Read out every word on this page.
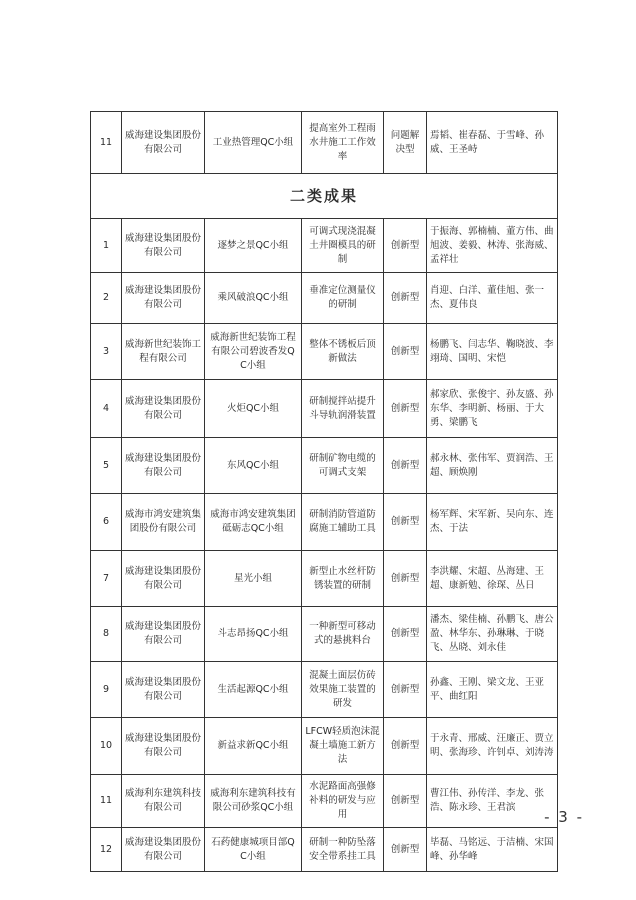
11	威海建设集团股份有限公司	工业热管理QC小组	提高室外工程雨水井施工工作效率	问题解决型	焉韬、崔春磊、于雪峰、孙威、王圣峙
二类成果					
1	威海建设集团股份有限公司	逐梦之景QC小组	可调式现浇混凝土井圈模具的研制	创新型	于振海、郭楠楠、董方伟、曲旭波、姜毅、林涛、张海威、孟祥壮
2	威海建设集团股份有限公司	乘风破浪QC小组	垂准定位测量仪的研制	创新型	肖迎、白洋、董佳旭、张一杰、夏伟良
3	威海新世纪装饰工程有限公司	威海新世纪装饰工程有限公司碧波香发QC小组	整体不锈板后顶新做法	创新型	杨鹏飞、闫志华、鞠晓波、李翊琦、国明、宋恺
4	威海建设集团股份有限公司	火炬QC小组	研制搅拌站提升斗导轨润滑装置	创新型	郝家欣、张俊宇、孙友盛、孙东华、李明新、杨丽、于大勇、梁鹏飞
5	威海建设集团股份有限公司	东风QC小组	研制矿物电缆的可调式支架	创新型	郝永林、张伟军、贾润浩、王超、顾焕刚
6	威海市鸿安建筑集团股份有限公司	威海市鸿安建筑集团砥砺志QC小组	研制消防管道防腐施工辅助工具	创新型	杨军辉、宋军新、吴向东、连杰、于法
7	威海建设集团股份有限公司	星光小组	新型止水丝杆防锈装置的研制	创新型	李洪耀、宋超、丛海建、王超、康新勉、徐琛、丛日
8	威海建设集团股份有限公司	斗志昂扬QC小组	一种新型可移动式的悬挑料台	创新型	潘杰、梁佳楠、孙鹏飞、唐公盈、林华东、孙琳琳、于晓飞、丛晓、刘永佳
9	威海建设集团股份有限公司	生活起源QC小组	混凝土面层仿砖效果施工装置的研发	创新型	孙鑫、王刚、梁文龙、王亚平、曲红阳
10	威海建设集团股份有限公司	新益求新QC小组	LFCW轻质泡沫混凝土墙施工新方法	创新型	于永青、邢威、汪廉正、贾立明、张海珍、许钊卓、刘涛涛
11	威海利东建筑科技有限公司	威海利东建筑科技有限公司砂浆QC小组	水泥路面高强修补料的研发与应用	创新型	曹江伟、孙传洋、李龙、张浩、陈永珍、王君滨
12	威海建设集团股份有限公司	石药健康城项目部QC小组	研制一种防坠落安全带系挂工具	创新型	毕磊、马铭远、于洁楠、宋国峰、孙华峰
- 3 -
